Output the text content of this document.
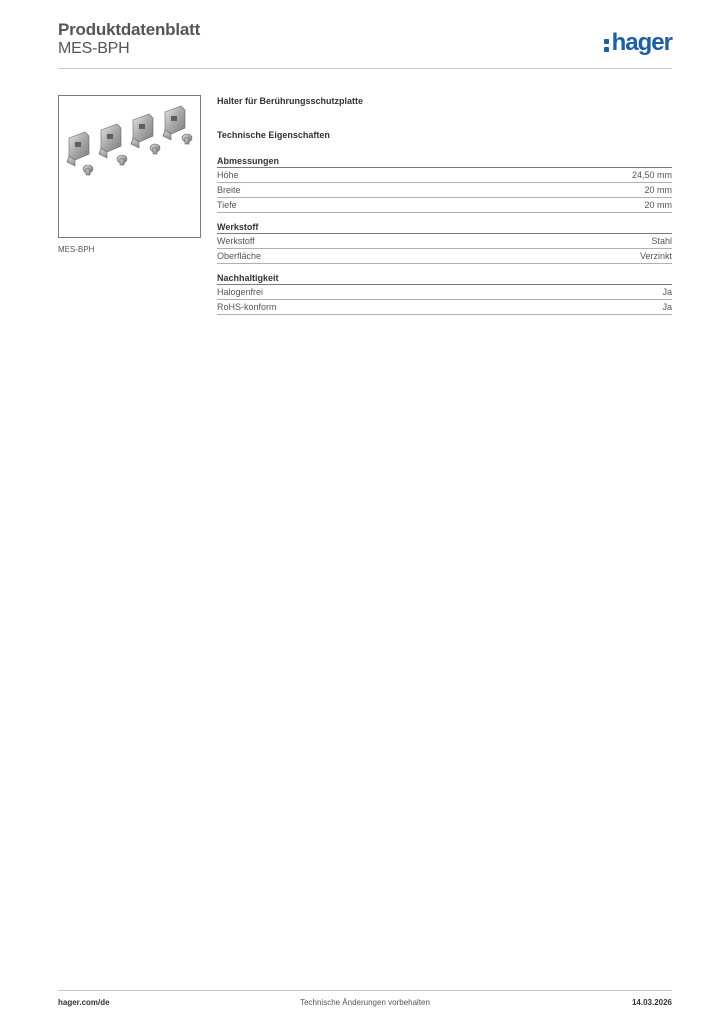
Produktdatenblatt
MES-BPH	hager
MES-BPH
Halter für Berührungsschutzplatte
Technische Eigenschaften
Abmessungen
Höhe	24,50 mm
Breite	20 mm
Tiefe	20 mm
Werkstoff
Werkstoff	Stahl
Oberfläche	Verzinkt
Nachhaltigkeit
Halogenfrei	Ja
RoHS-konform	Ja
hager.com/de	Technische Änderungen vorbehalten	14.03.2026
